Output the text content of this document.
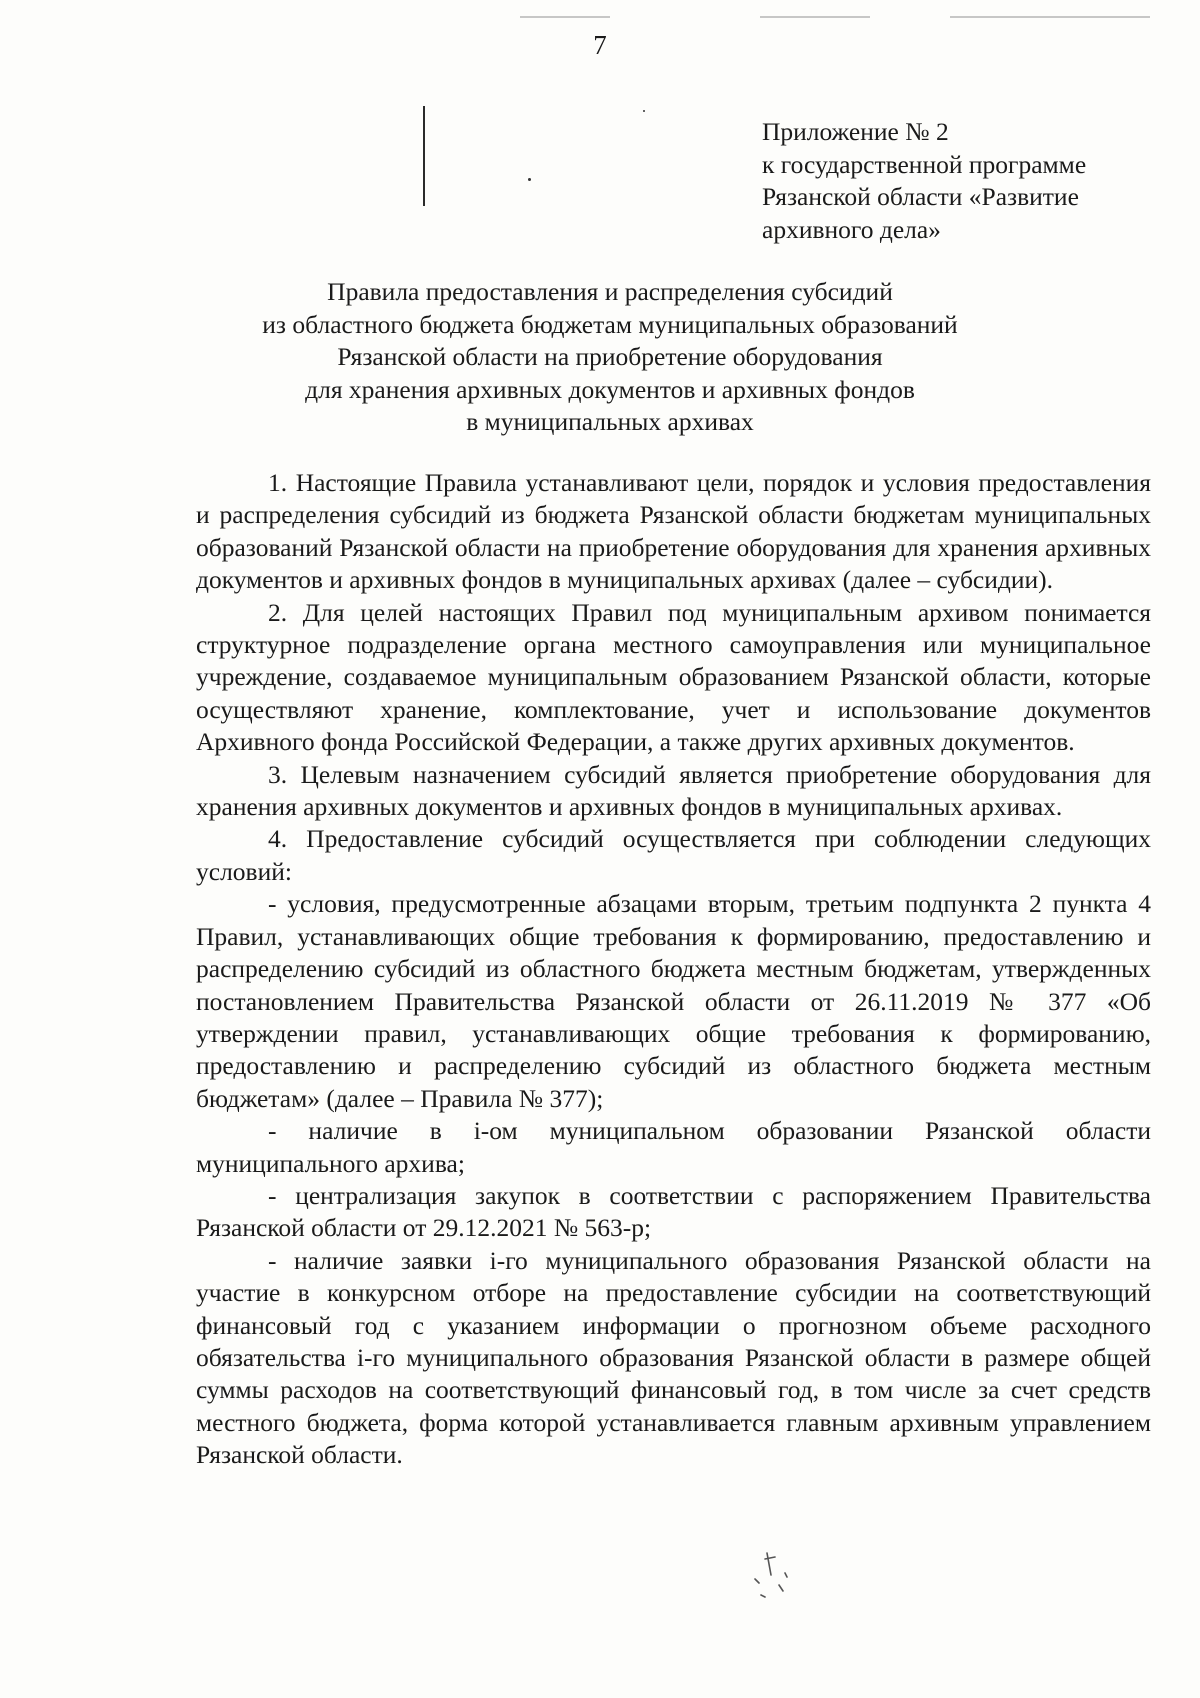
7
Приложение № 2
к государственной программе
Рязанской области «Развитие
архивного дела»
Правила предоставления и распределения субсидий
из областного бюджета бюджетам муниципальных образований
Рязанской области на приобретение оборудования
для хранения архивных документов и архивных фондов
в муниципальных архивах

1. Настоящие Правила устанавливают цели, порядок и условия предоставления и распределения субсидий из бюджета Рязанской области бюджетам муниципальных образований Рязанской области на приобретение оборудования для хранения архивных документов и архивных фондов в муниципальных архивах (далее – субсидии).

2. Для целей настоящих Правил под муниципальным архивом понимается структурное подразделение органа местного самоуправления или муниципальное учреждение, создаваемое муниципальным образованием Рязанской области, которые осуществляют хранение, комплектование, учет и использование документов Архивного фонда Российской Федерации, а также других архивных документов.

3. Целевым назначением субсидий является приобретение оборудования для хранения архивных документов и архивных фондов в муниципальных архивах.

4. Предоставление субсидий осуществляется при соблюдении следующих условий:

- условия, предусмотренные абзацами вторым, третьим подпункта 2 пункта 4 Правил, устанавливающих общие требования к формированию, предоставлению и распределению субсидий из областного бюджета местным бюджетам, утвержденных постановлением Правительства Рязанской области от 26.11.2019 № 377 «Об утверждении правил, устанавливающих общие требования к формированию, предоставлению и распределению субсидий из областного бюджета местным бюджетам» (далее – Правила № 377);

- наличие в i-ом муниципальном образовании Рязанской области муниципального архива;

- централизация закупок в соответствии с распоряжением Правительства Рязанской области от 29.12.2021 № 563-р;

- наличие заявки i-го муниципального образования Рязанской области на участие в конкурсном отборе на предоставление субсидии на соответствующий финансовый год с указанием информации о прогнозном объеме расходного обязательства i-го муниципального образования Рязанской области в размере общей суммы расходов на соответствующий финансовый год, в том числе за счет средств местного бюджета, форма которой устанавливается главным архивным управлением Рязанской области.
